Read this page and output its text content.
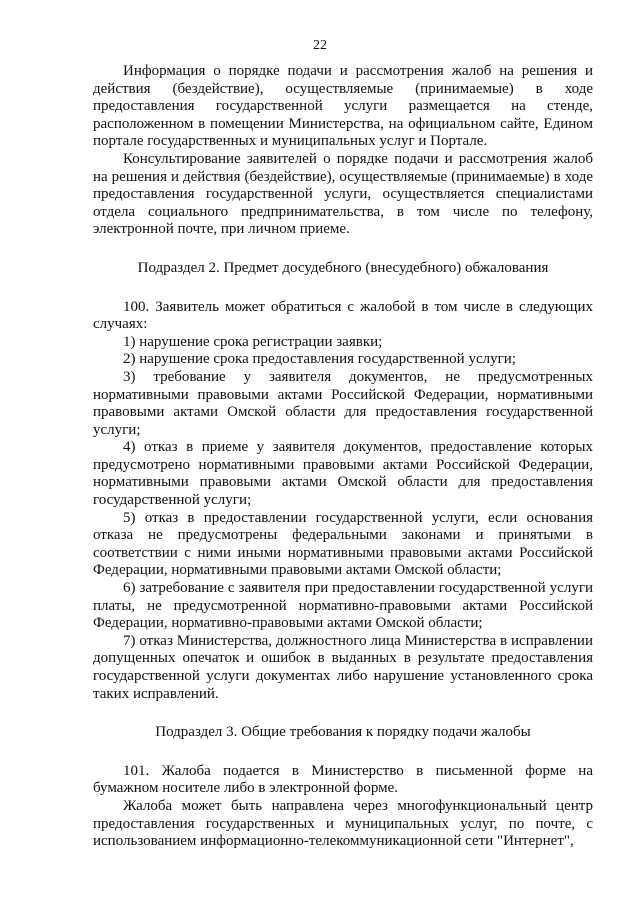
22

Информация о порядке подачи и рассмотрения жалоб на решения и действия (бездействие), осуществляемые (принимаемые) в ходе предоставления государственной услуги размещается на стенде, расположенном в помещении Министерства, на официальном сайте, Едином портале государственных и муниципальных услуг и Портале.

Консультирование заявителей о порядке подачи и рассмотрения жалоб на решения и действия (бездействие), осуществляемые (принимаемые) в ходе предоставления государственной услуги, осуществляется специалистами отдела социального предпринимательства, в том числе по телефону, электронной почте, при личном приеме.

Подраздел 2. Предмет досудебного (внесудебного) обжалования

100. Заявитель может обратиться с жалобой в том числе в следующих случаях:

1) нарушение срока регистрации заявки;

2) нарушение срока предоставления государственной услуги;

3) требование у заявителя документов, не предусмотренных нормативными правовыми актами Российской Федерации, нормативными правовыми актами Омской области для предоставления государственной услуги;

4) отказ в приеме у заявителя документов, предоставление которых предусмотрено нормативными правовыми актами Российской Федерации, нормативными правовыми актами Омской области для предоставления государственной услуги;

5) отказ в предоставлении государственной услуги, если основания отказа не предусмотрены федеральными законами и принятыми в соответствии с ними иными нормативными правовыми актами Российской Федерации, нормативными правовыми актами Омской области;

6) затребование с заявителя при предоставлении государственной услуги платы, не предусмотренной нормативно-правовыми актами Российской Федерации, нормативно-правовыми актами Омской области;

7) отказ Министерства, должностного лица Министерства в исправлении допущенных опечаток и ошибок в выданных в результате предоставления государственной услуги документах либо нарушение установленного срока таких исправлений.

Подраздел 3. Общие требования к порядку подачи жалобы

101. Жалоба подается в Министерство в письменной форме на бумажном носителе либо в электронной форме.

Жалоба может быть направлена через многофункциональный центр предоставления государственных и муниципальных услуг, по почте, с использованием информационно-телекоммуникационной сети "Интернет",
